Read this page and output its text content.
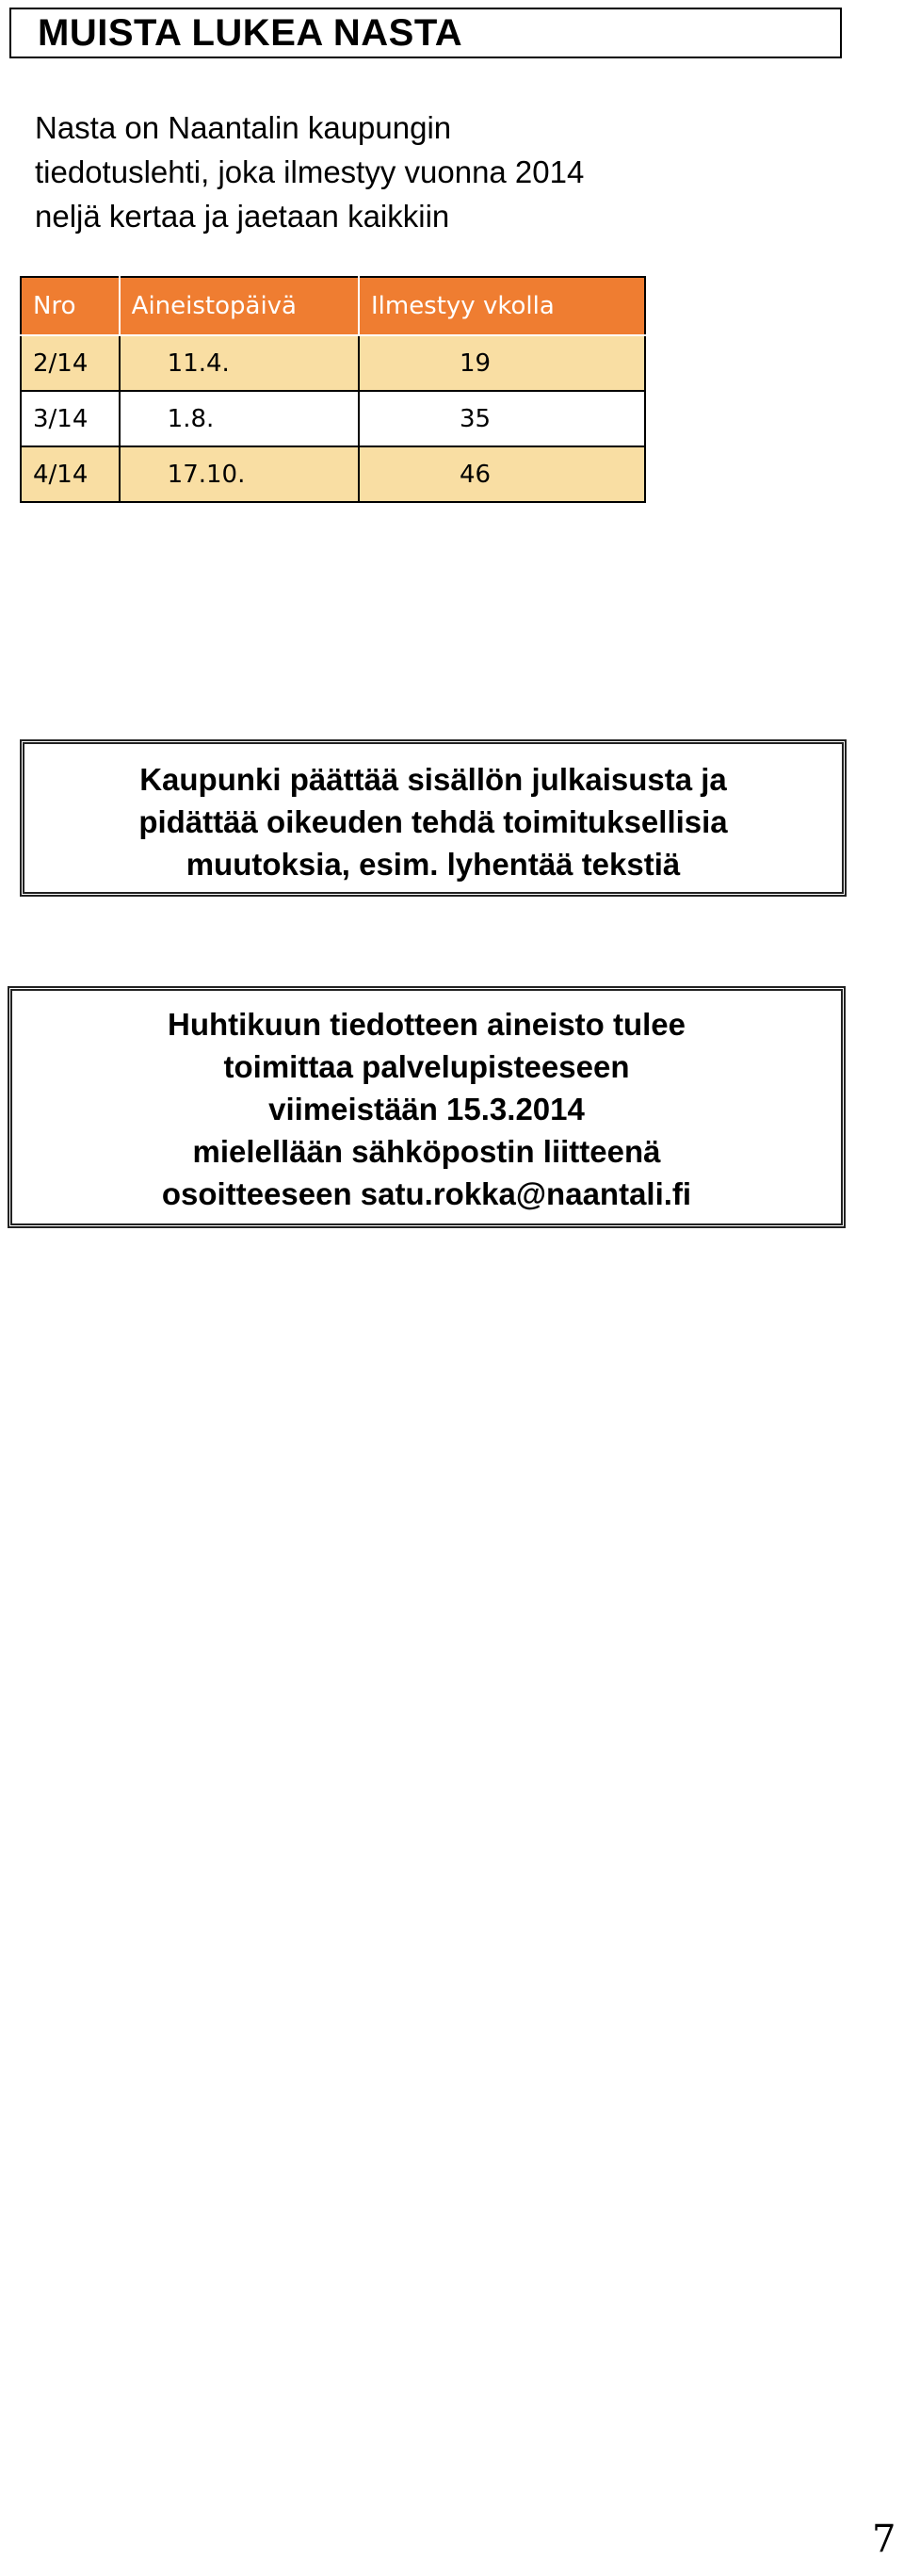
MUISTA LUKEA NASTA
Nasta on Naantalin kaupungin
tiedotuslehti, joka ilmestyy vuonna 2014
neljä kertaa ja jaetaan kaikkiin
Nro	Aineistopäivä	Ilmestyy vkolla
2/14	11.4.	19
3/14	1.8.	35
4/14	17.10.	46
Kaupunki päättää sisällön julkaisusta ja
pidättää oikeuden tehdä toimituksellisia
muutoksia, esim. lyhentää tekstiä
Huhtikuun tiedotteen aineisto tulee
toimittaa palvelupisteeseen
viimeistään 15.3.2014
mielellään sähköpostin liitteenä
osoitteeseen satu.rokka@naantali.fi
7
